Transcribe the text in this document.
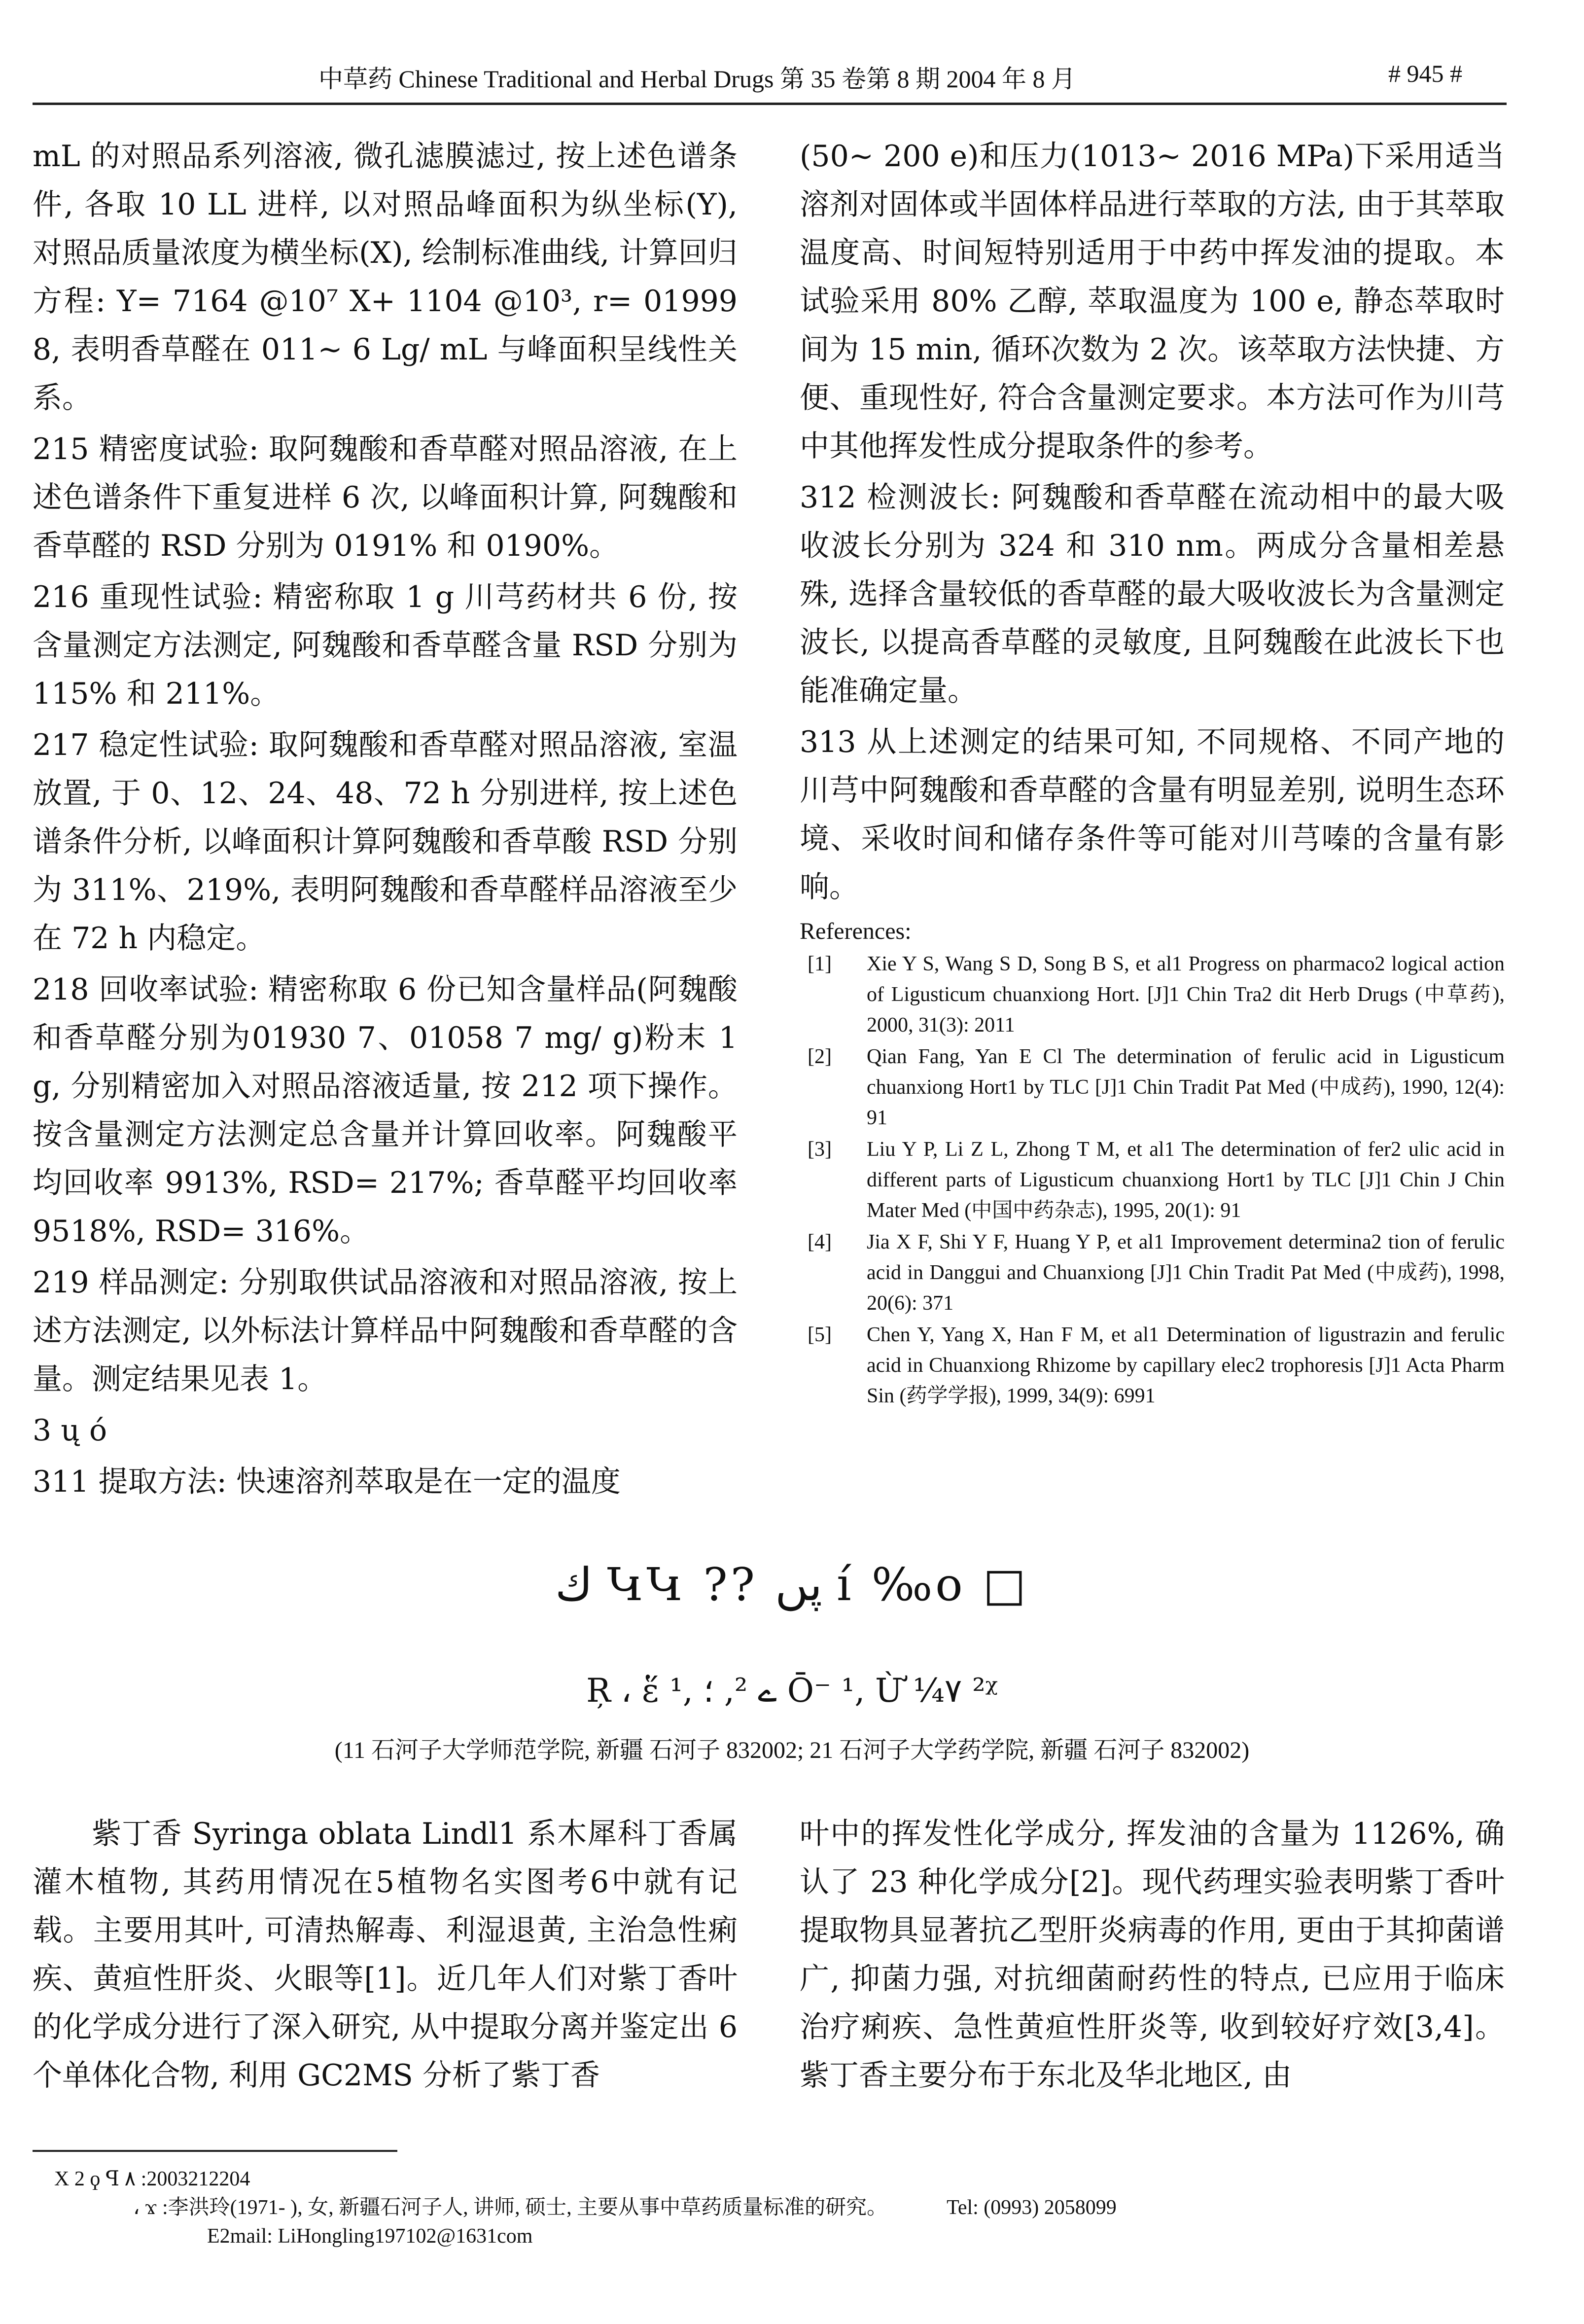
中草药 Chinese Traditional and Herbal Drugs 第 35 卷第 8 期 2004 年 8 月	# 945 #

mL 的对照品系列溶液, 微孔滤膜滤过, 按上述色谱条件, 各取 10 LL 进样, 以对照品峰面积为纵坐标(Y), 对照品质量浓度为横坐标(X), 绘制标准曲线, 计算回归方程: Y= 7164 @10⁷ X+ 1104 @10³, r= 01999 8, 表明香草醛在 011~ 6 Lg/ mL 与峰面积呈线性关系。

215 精密度试验: 取阿魏酸和香草醛对照品溶液, 在上述色谱条件下重复进样 6 次, 以峰面积计算, 阿魏酸和香草醛的 RSD 分别为 0191% 和 0190%。

216 重现性试验: 精密称取 1 g 川芎药材共 6 份, 按含量测定方法测定, 阿魏酸和香草醛含量 RSD 分别为 115% 和 211%。

217 稳定性试验: 取阿魏酸和香草醛对照品溶液, 室温放置, 于 0、12、24、48、72 h 分别进样, 按上述色谱条件分析, 以峰面积计算阿魏酸和香草酸 RSD 分别为 311%、219%, 表明阿魏酸和香草醛样品溶液至少在 72 h 内稳定。

218 回收率试验: 精密称取 6 份已知含量样品(阿魏酸和香草醛分别为01930 7、01058 7 mg/ g)粉末 1 g, 分别精密加入对照品溶液适量, 按 212 项下操作。按含量测定方法测定总含量并计算回收率。阿魏酸平均回收率 9913%, RSD= 217%; 香草醛平均回收率 9518%, RSD= 316%。

219 样品测定: 分别取供试品溶液和对照品溶液, 按上述方法测定, 以外标法计算样品中阿魏酸和香草醛的含量。测定结果见表 1。

3 ų ó

311 提取方法: 快速溶剂萃取是在一定的温度

(50~ 200 e)和压力(1013~ 2016 MPa)下采用适当溶剂对固体或半固体样品进行萃取的方法, 由于其萃取温度高、时间短特别适用于中药中挥发油的提取。本试验采用 80% 乙醇, 萃取温度为 100 e, 静态萃取时间为 15 min, 循环次数为 2 次。该萃取方法快捷、方便、重现性好, 符合含量测定要求。本方法可作为川芎中其他挥发性成分提取条件的参考。

312 检测波长: 阿魏酸和香草醛在流动相中的最大吸收波长分别为 324 和 310 nm。两成分含量相差悬殊, 选择含量较低的香草醛的最大吸收波长为含量测定波长, 以提高香草醛的灵敏度, 且阿魏酸在此波长下也能准确定量。

313 从上述测定的结果可知, 不同规格、不同产地的川芎中阿魏酸和香草醛的含量有明显差别, 说明生态环境、采收时间和储存条件等可能对川芎嗪的含量有影响。

References:
[1]	Xie Y S, Wang S D, Song B S, et al1 Progress on pharmaco2 logical action of Ligusticum chuanxiong Hort. [J]1 Chin Tra2 dit Herb Drugs (中草药), 2000, 31(3): 2011
[2]	Qian Fang, Yan E Cl The determination of ferulic acid in Ligusticum chuanxiong Hort1 by TLC [J]1 Chin Tradit Pat Med (中成药), 1990, 12(4): 91
[3]	Liu Y P, Li Z L, Zhong T M, et al1 The determination of fer2 ulic acid in different parts of Ligusticum chuanxiong Hort1 by TLC [J]1 Chin J Chin Mater Med (中国中药杂志), 1995, 20(1): 91
[4]	Jia X F, Shi Y F, Huang Y P, et al1 Improvement determina2 tion of ferulic acid in Danggui and Chuanxiong [J]1 Chin Tradit Pat Med (中成药), 1998, 20(6): 371
[5]	Chen Y, Yang X, Han F M, et al1 Determination of ligustrazin and ferulic acid in Chuanxiong Rhizome by capillary elec2 trophoresis [J]1 Acta Pharm Sin (药学学报), 1999, 34(9): 6991
ك ԿԿ ?? پں í ‰ο □
Ŗ ، ἕ ¹, ے ², ؛ Ō⁻ ¹, Ừ ¼۷ ²ᵡ
(11 石河子大学师范学院, 新疆 石河子 832002; 21 石河子大学药学院, 新疆 石河子 832002)

紫丁香 Syringa oblata Lindl1 系木犀科丁香属灌木植物, 其药用情况在5植物名实图考6中就有记载。主要用其叶, 可清热解毒、利湿退黄, 主治急性痢疾、黄疸性肝炎、火眼等[1]。近几年人们对紫丁香叶的化学成分进行了深入研究, 从中提取分离并鉴定出 6 个单体化合物, 利用 GC2MS 分析了紫丁香

叶中的挥发性化学成分, 挥发油的含量为 1126%, 确认了 23 种化学成分[2]。现代药理实验表明紫丁香叶提取物具显著抗乙型肝炎病毒的作用, 更由于其抑菌谱广, 抑菌力强, 对抗细菌耐药性的特点, 已应用于临床治疗痢疾、急性黄疸性肝炎等, 收到较好疗效[3,4]。紫丁香主要分布于东北及华北地区, 由

X 2 ϙ ꟼ ۸ :2003212204
، ϫ :李洪玲(1971- ), 女, 新疆石河子人, 讲师, 硕士, 主要从事中草药质量标准的研究。	Tel: (0993) 2058099
E2mail: LiHongling197102@1631com
